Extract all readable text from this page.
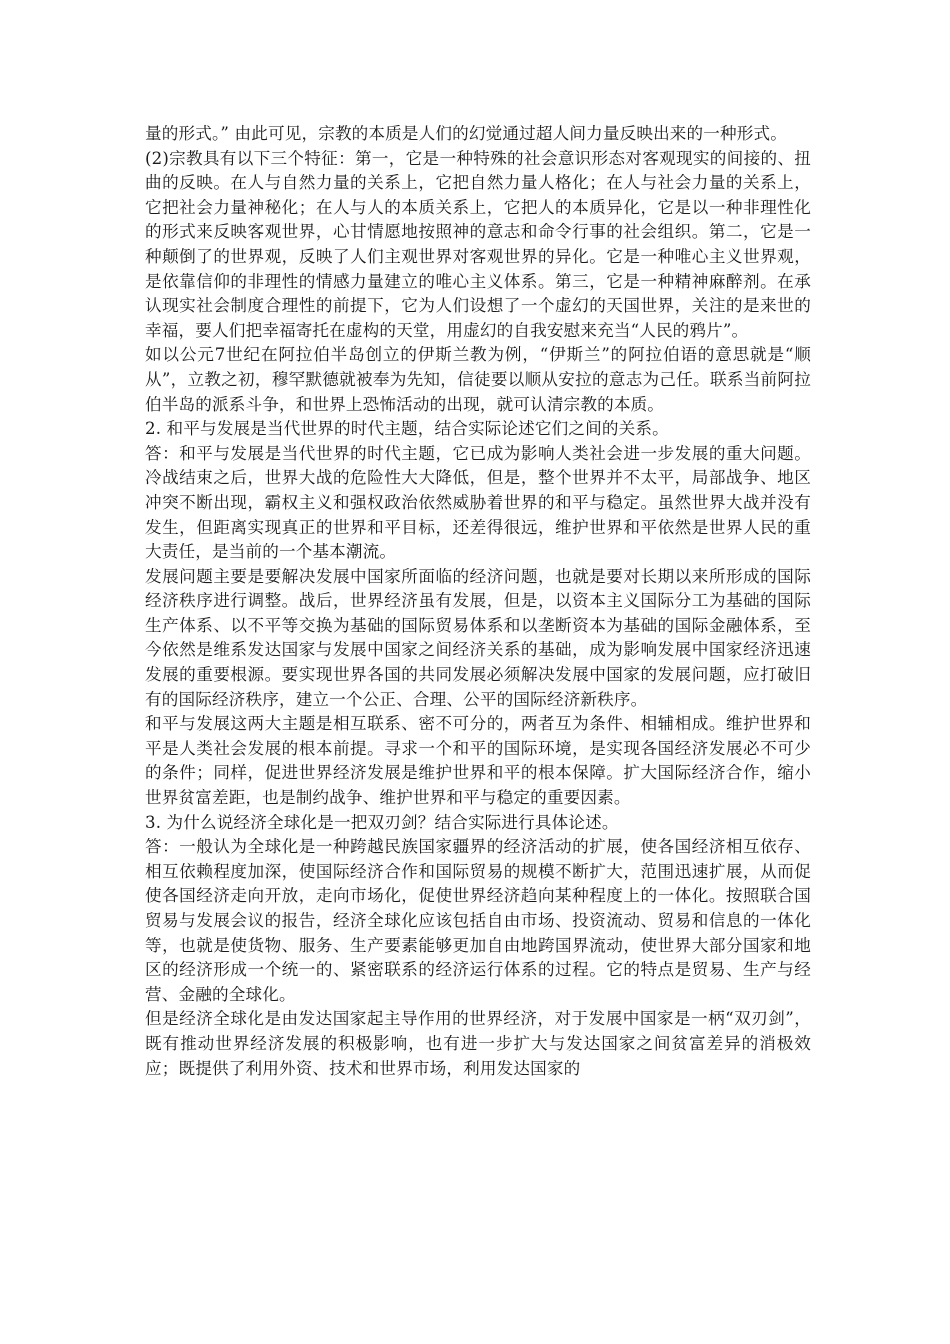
量的形式。” 由此可见，宗教的本质是人们的幻觉通过超人间力量反映出来的一种形式。

(2)宗教具有以下三个特征：第一，它是一种特殊的社会意识形态对客观现实的间接的、扭曲的反映。在人与自然力量的关系上，它把自然力量人格化；在人与社会力量的关系上，它把社会力量神秘化；在人与人的本质关系上，它把人的本质异化，它是以一种非理性化的形式来反映客观世界，心甘情愿地按照神的意志和命令行事的社会组织。第二，它是一种颠倒了的世界观，反映了人们主观世界对客观世界的异化。它是一种唯心主义世界观，是依靠信仰的非理性的情感力量建立的唯心主义体系。第三，它是一种精神麻醉剂。在承认现实社会制度合理性的前提下，它为人们设想了一个虚幻的天国世界，关注的是来世的幸福，要人们把幸福寄托在虚构的天堂，用虚幻的自我安慰来充当“人民的鸦片”。

如以公元7世纪在阿拉伯半岛创立的伊斯兰教为例，“伊斯兰”的阿拉伯语的意思就是“顺从”，立教之初，穆罕默德就被奉为先知，信徒要以顺从安拉的意志为己任。联系当前阿拉伯半岛的派系斗争，和世界上恐怖活动的出现，就可认清宗教的本质。

2. 和平与发展是当代世界的时代主题，结合实际论述它们之间的关系。

答：和平与发展是当代世界的时代主题，它已成为影响人类社会进一步发展的重大问题。冷战结束之后，世界大战的危险性大大降低，但是，整个世界并不太平，局部战争、地区冲突不断出现，霸权主义和强权政治依然威胁着世界的和平与稳定。虽然世界大战并没有发生，但距离实现真正的世界和平目标，还差得很远，维护世界和平依然是世界人民的重大责任，是当前的一个基本潮流。

发展问题主要是要解决发展中国家所面临的经济问题，也就是要对长期以来所形成的国际经济秩序进行调整。战后，世界经济虽有发展，但是，以资本主义国际分工为基础的国际生产体系、以不平等交换为基础的国际贸易体系和以垄断资本为基础的国际金融体系，至今依然是维系发达国家与发展中国家之间经济关系的基础，成为影响发展中国家经济迅速发展的重要根源。要实现世界各国的共同发展必须解决发展中国家的发展问题，应打破旧有的国际经济秩序，建立一个公正、合理、公平的国际经济新秩序。

和平与发展这两大主题是相互联系、密不可分的，两者互为条件、相辅相成。维护世界和平是人类社会发展的根本前提。寻求一个和平的国际环境，是实现各国经济发展必不可少的条件；同样，促进世界经济发展是维护世界和平的根本保障。扩大国际经济合作，缩小世界贫富差距，也是制约战争、维护世界和平与稳定的重要因素。

3. 为什么说经济全球化是一把双刃剑？结合实际进行具体论述。

答：一般认为全球化是一种跨越民族国家疆界的经济活动的扩展，使各国经济相互依存、相互依赖程度加深，使国际经济合作和国际贸易的规模不断扩大，范围迅速扩展，从而促使各国经济走向开放，走向市场化，促使世界经济趋向某种程度上的一体化。按照联合国贸易与发展会议的报告，经济全球化应该包括自由市场、投资流动、贸易和信息的一体化等，也就是使货物、服务、生产要素能够更加自由地跨国界流动，使世界大部分国家和地区的经济形成一个统一的、紧密联系的经济运行体系的过程。它的特点是贸易、生产与经营、金融的全球化。

但是经济全球化是由发达国家起主导作用的世界经济，对于发展中国家是一柄“双刃剑”，既有推动世界经济发展的积极影响，也有进一步扩大与发达国家之间贫富差异的消极效应；既提供了利用外资、技术和世界市场，利用发达国家的
